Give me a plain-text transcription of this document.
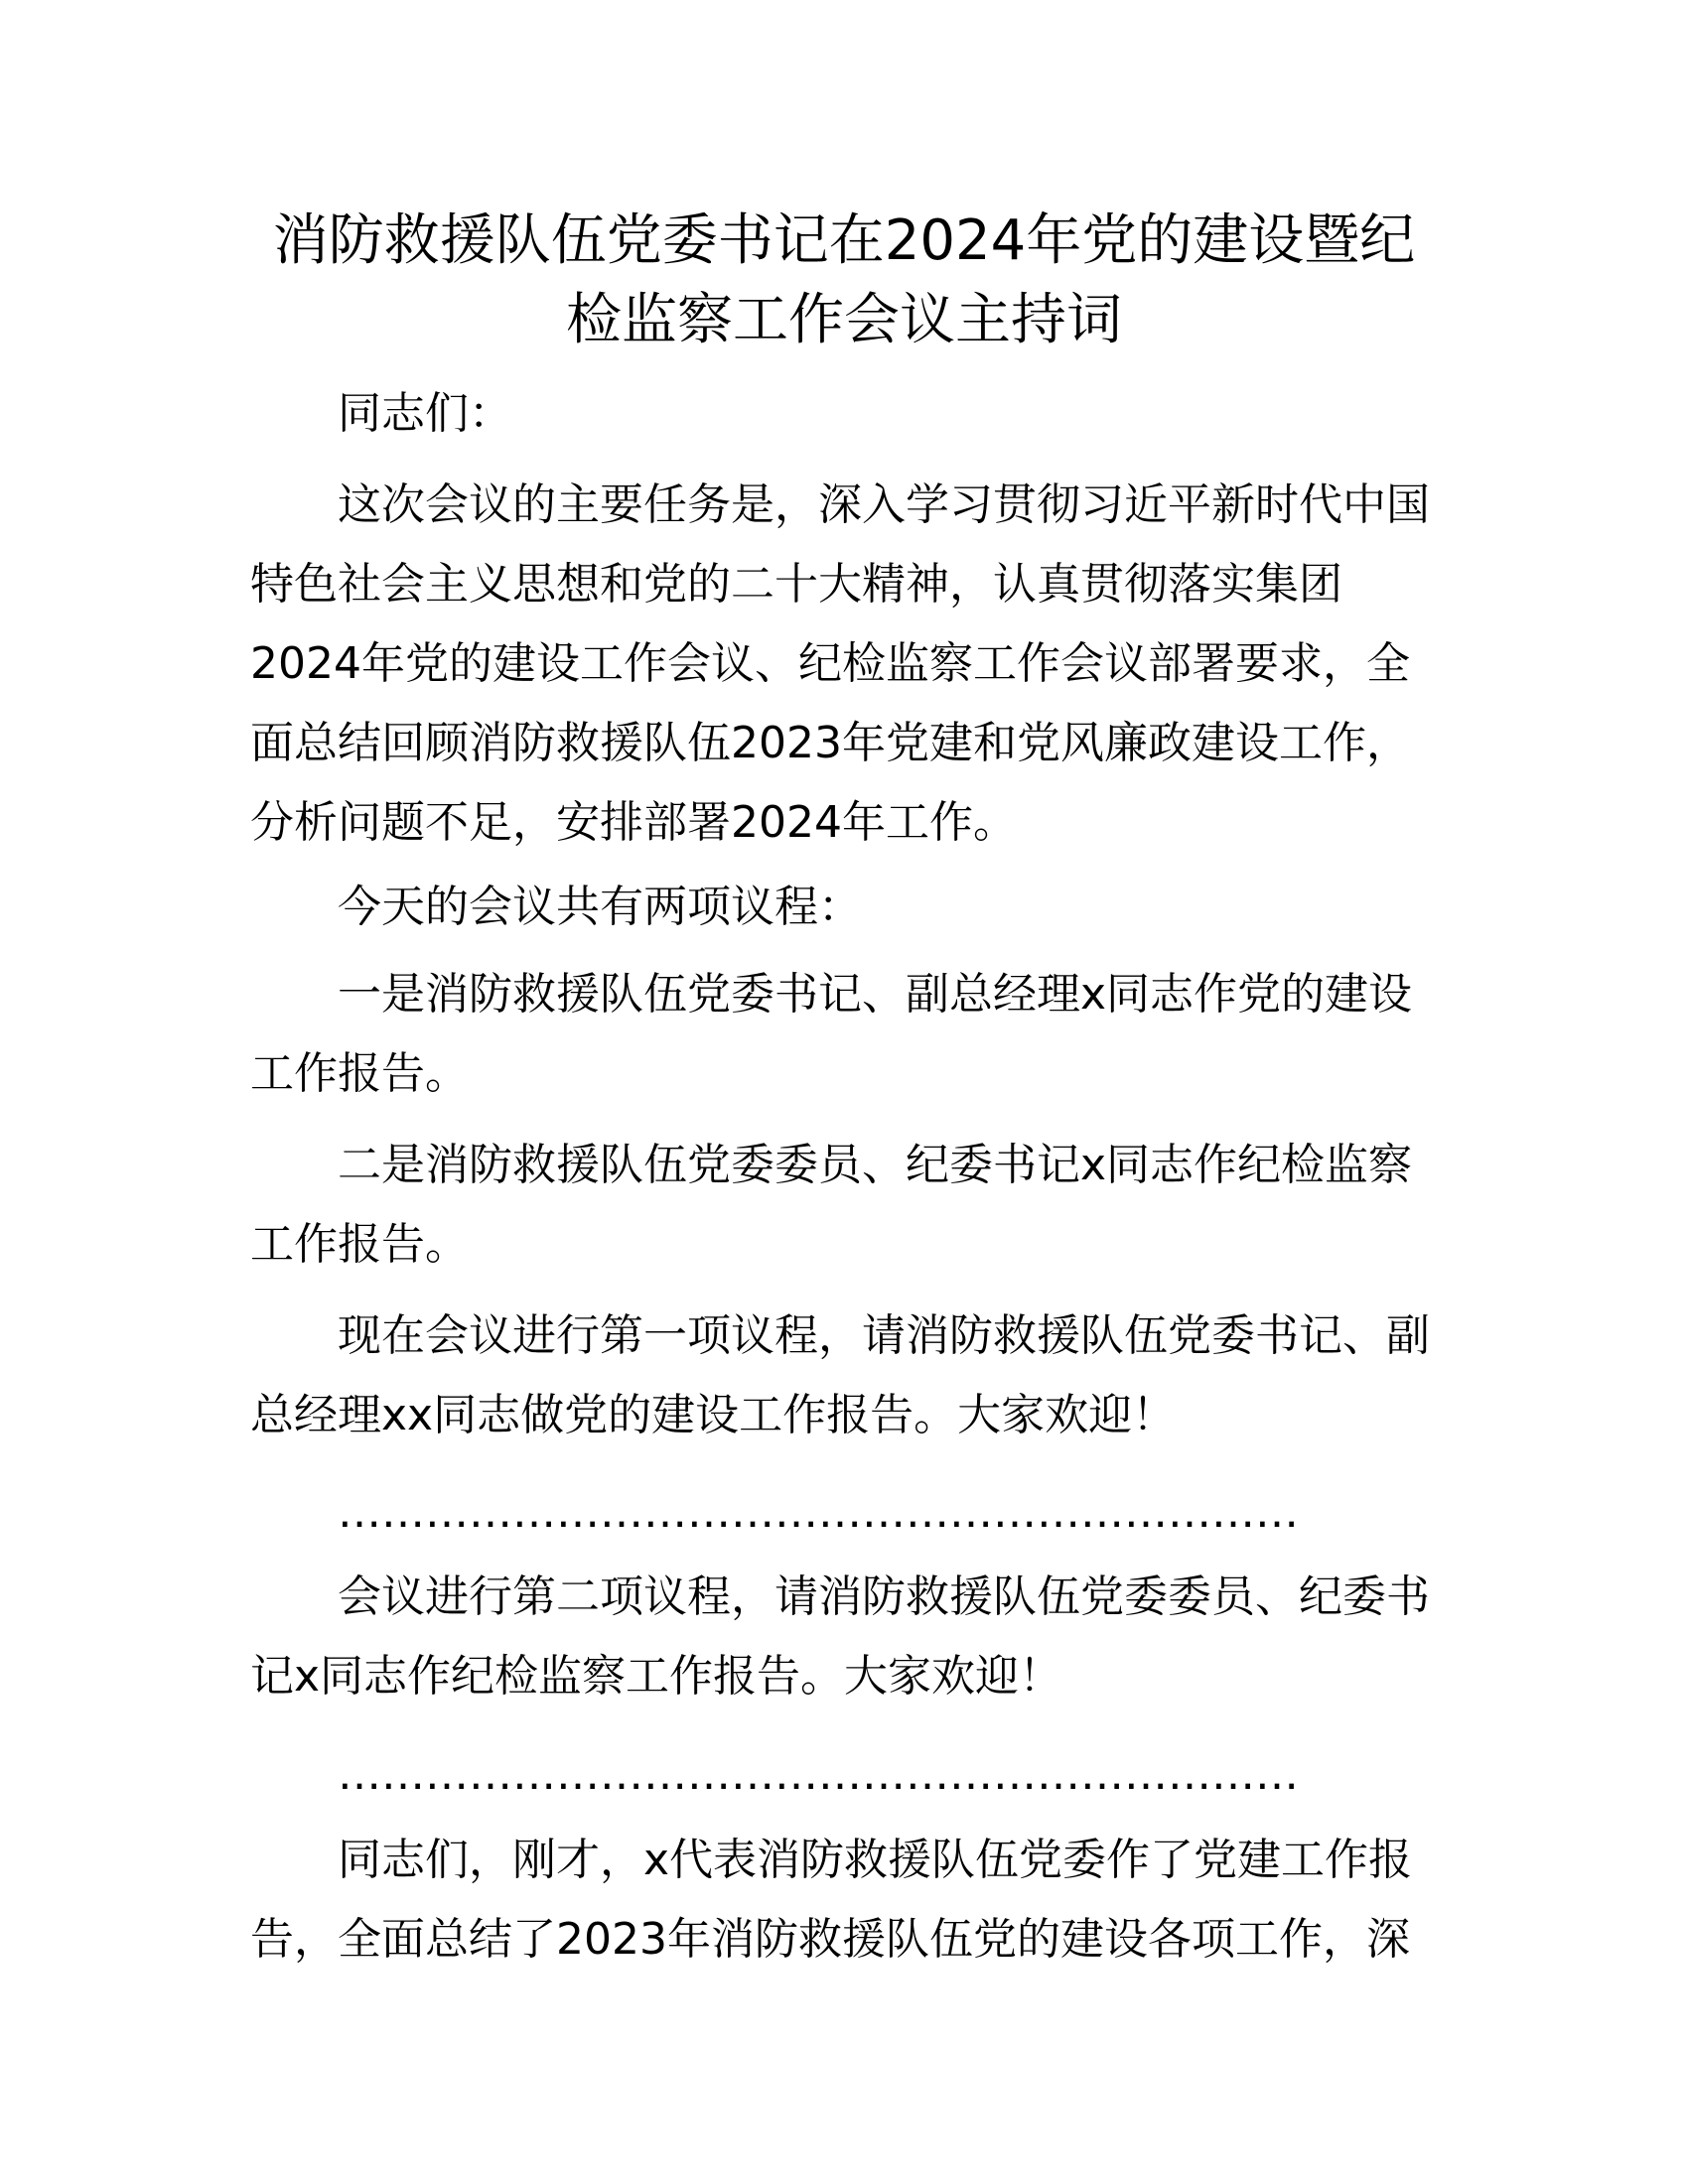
消防救援队伍党委书记在2024年党的建设暨纪
检监察工作会议主持词

同志们：

这次会议的主要任务是，深入学习贯彻习近平新时代中国

特色社会主义思想和党的二十大精神，认真贯彻落实集团

2024年党的建设工作会议、纪检监察工作会议部署要求，全

面总结回顾消防救援队伍2023年党建和党风廉政建设工作，

分析问题不足，安排部署2024年工作。

今天的会议共有两项议程：

一是消防救援队伍党委书记、副总经理x同志作党的建设

工作报告。

二是消防救援队伍党委委员、纪委书记x同志作纪检监察

工作报告。

现在会议进行第一项议程，请消防救援队伍党委书记、副

总经理xx同志做党的建设工作报告。大家欢迎！

…………………………………………………………

会议进行第二项议程，请消防救援队伍党委委员、纪委书

记x同志作纪检监察工作报告。大家欢迎！

…………………………………………………………

同志们，刚才，x代表消防救援队伍党委作了党建工作报

告，全面总结了2023年消防救援队伍党的建设各项工作，深
